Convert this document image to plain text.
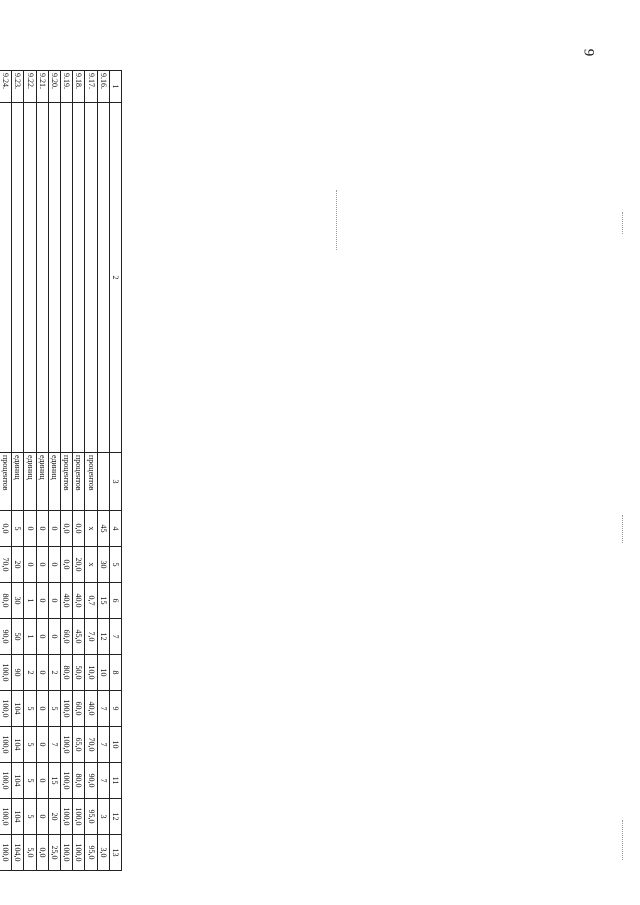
9
1	2	3	4	5	6	7	8	9	10	11	12	13
9.16.			45	30	15	12	10	7	7	7	3	3,0
9.17.		процентов	x	x	0,7	7,0	10,0	40,0	70,0	90,0	95,0	95,0
9.18.		процентов	0,0	20,0	40,0	45,0	50,0	60,0	65,0	80,0	100,0	100,0
9.19.		процентов	0,0	0,0	40,0	60,0	80,0	100,0	100,0	100,0	100,0	100,0
9.20.		единиц	0	0	0	0	2	5	7	15	20	25,0
9.21.		единиц	0	0	0	0	0	0	0	0	0	0,0
9.22.		единиц	0	0	1	1	2	5	5	5	5	5,0
9.23.		единиц	5	20	30	50	90	104	104	104	104	104,0
9.24.		процентов	0,0	70,0	80,0	90,0	100,0	100,0	100,0	100,0	100,0	100,0
